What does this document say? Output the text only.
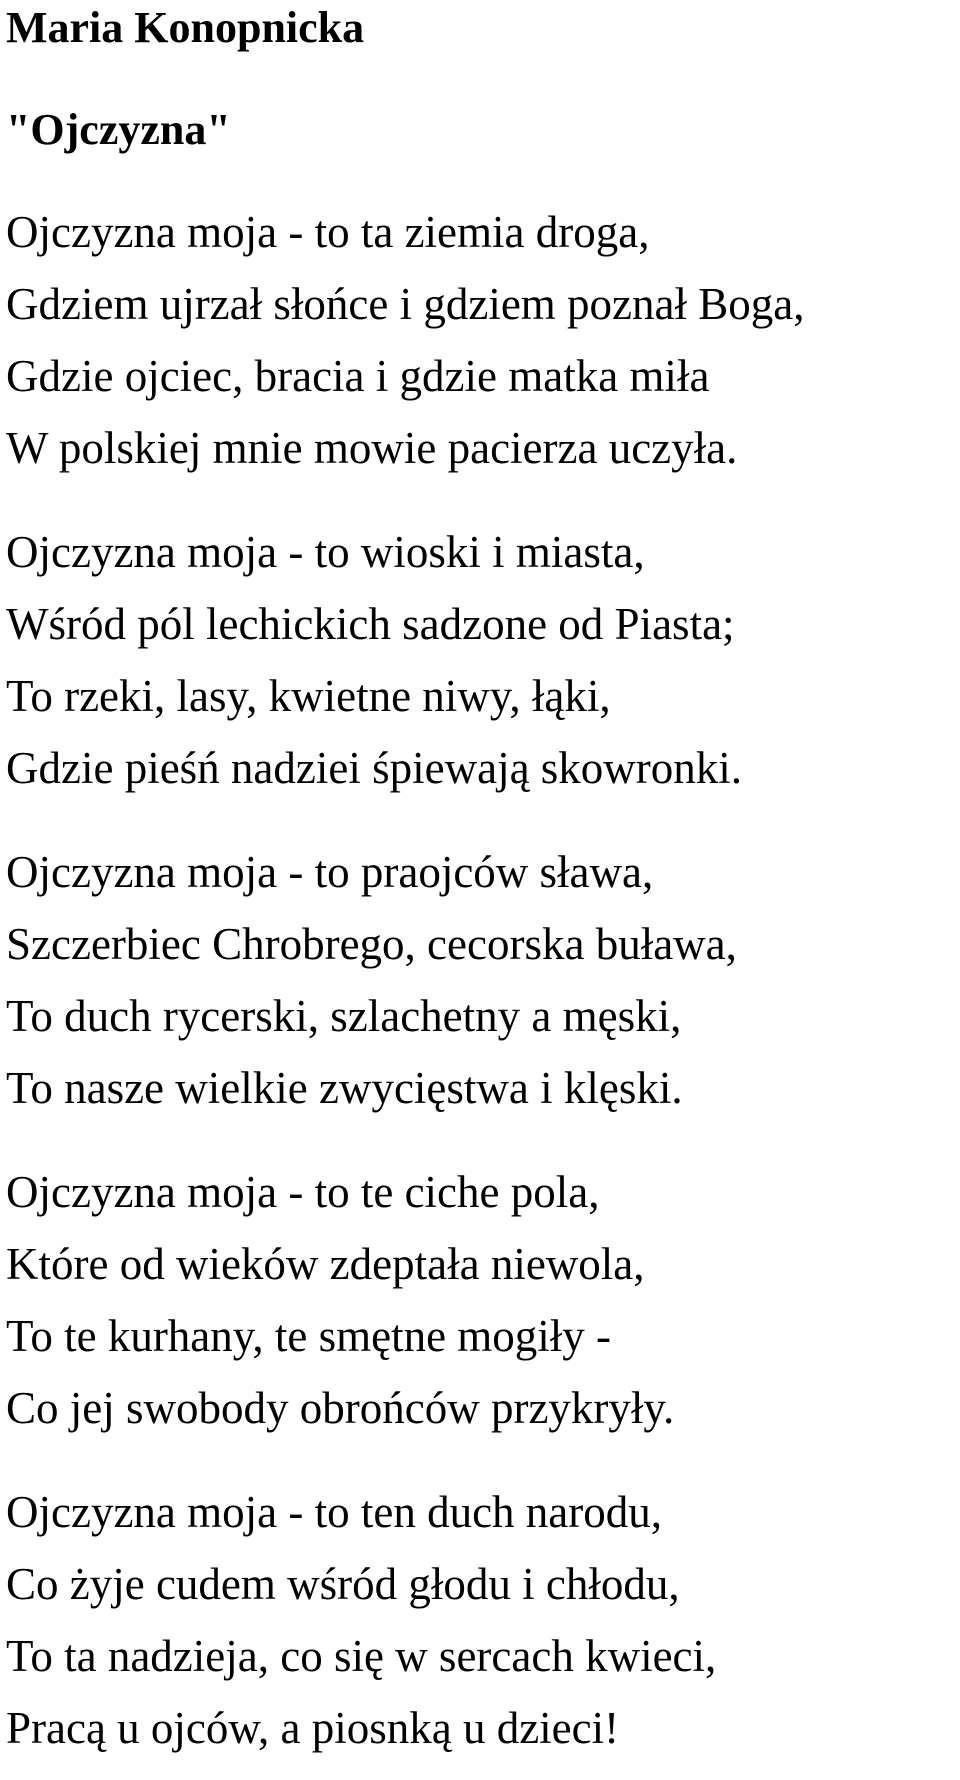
Maria Konopnicka
"Ojczyzna"
Ojczyzna moja - to ta ziemia droga,
Gdziem ujrzał słońce i gdziem poznał Boga,
Gdzie ojciec, bracia i gdzie matka miła
W polskiej mnie mowie pacierza uczyła.
Ojczyzna moja - to wioski i miasta,
Wśród pól lechickich sadzone od Piasta;
To rzeki, lasy, kwietne niwy, łąki,
Gdzie pieśń nadziei śpiewają skowronki.
Ojczyzna moja - to praojców sława,
Szczerbiec Chrobrego, cecorska buława,
To duch rycerski, szlachetny a męski,
To nasze wielkie zwycięstwa i klęski.
Ojczyzna moja - to te ciche pola,
Które od wieków zdeptała niewola,
To te kurhany, te smętne mogiły -
Co jej swobody obrońców przykryły.
Ojczyzna moja - to ten duch narodu,
Co żyje cudem wśród głodu i chłodu,
To ta nadzieja, co się w sercach kwieci,
Pracą u ojców, a piosnką u dzieci!
